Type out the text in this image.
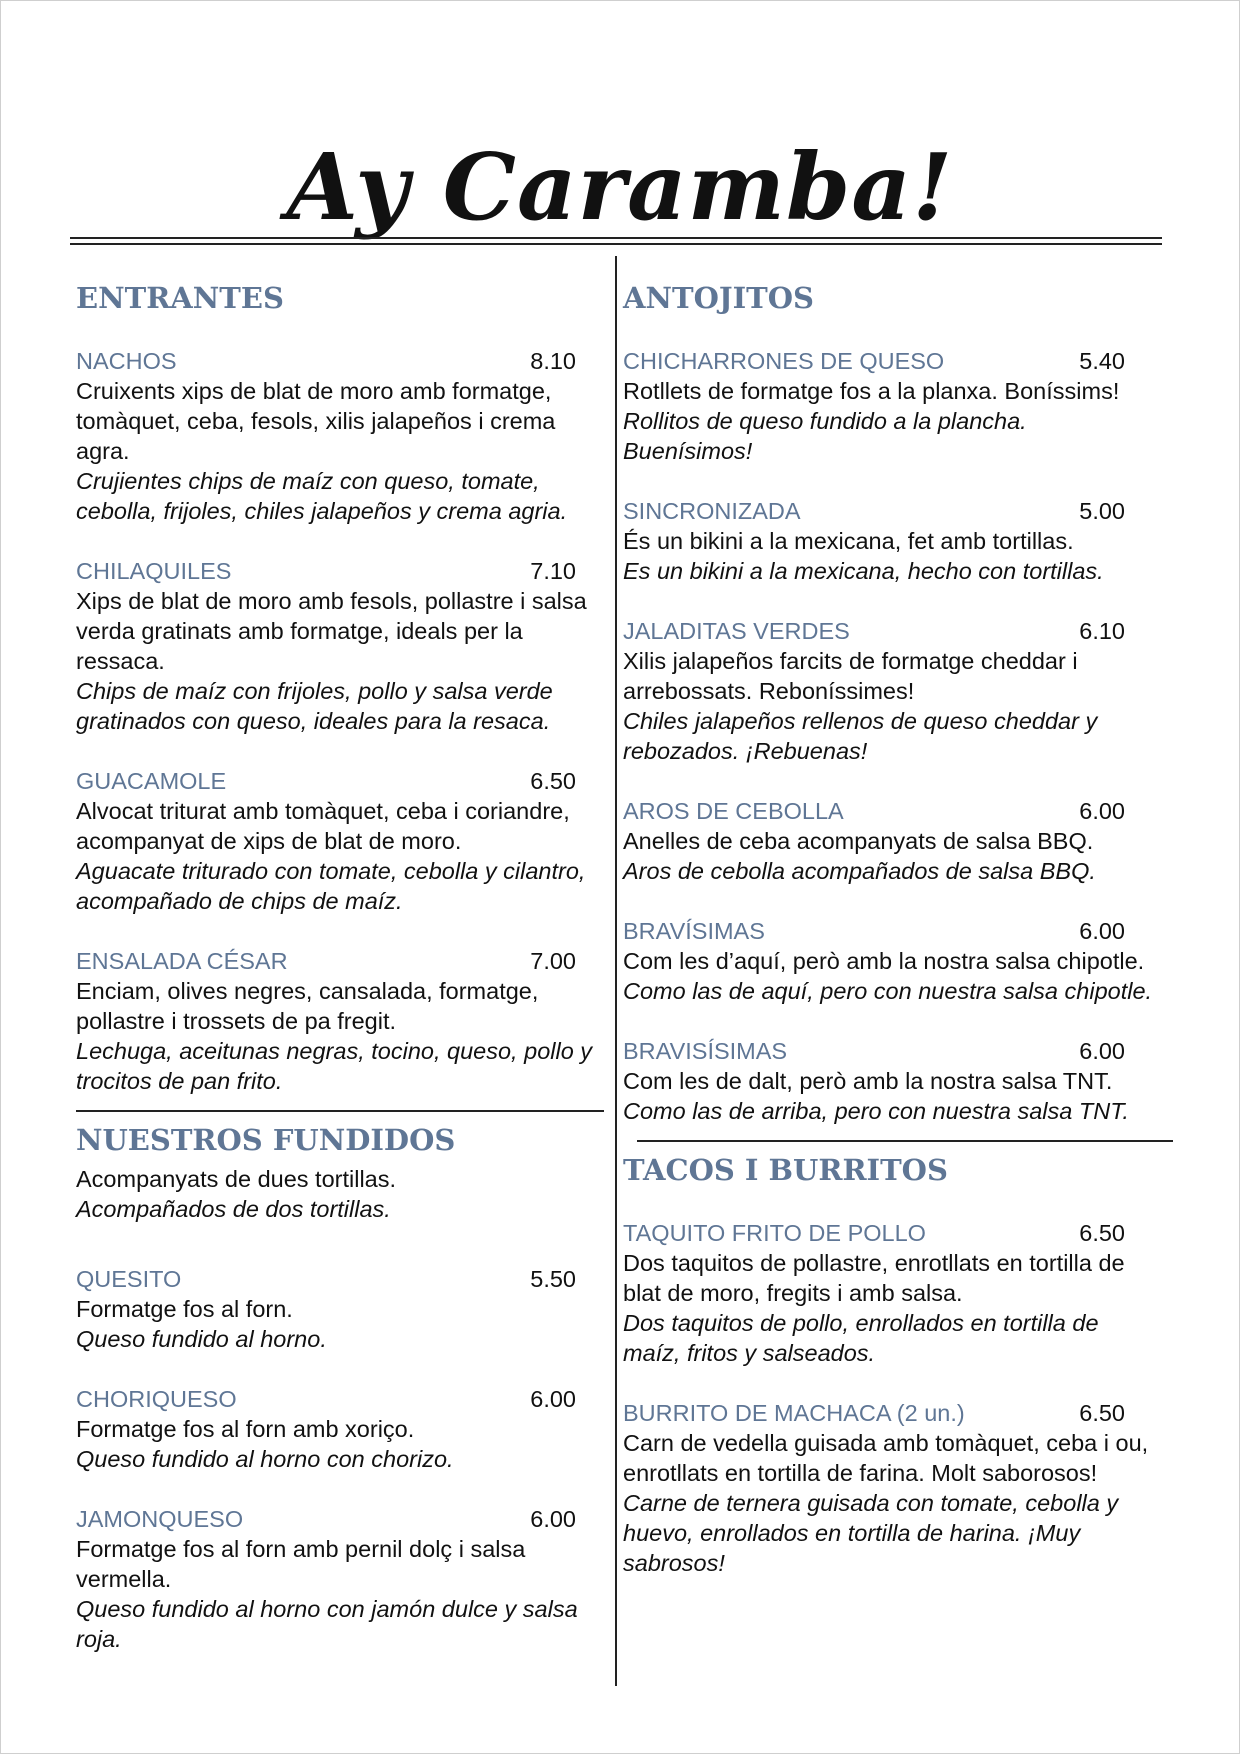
Ay Caramba!
ENTRANTES
NACHOS	8.10
Cruixents xips de blat de moro amb formatge, tomàquet, ceba, fesols, xilis jalapeños i crema agra.
Crujientes chips de maíz con queso, tomate, cebolla, frijoles, chiles jalapeños y crema agria.
CHILAQUILES	7.10
Xips de blat de moro amb fesols, pollastre i salsa verda gratinats amb formatge, ideals per la ressaca.
Chips de maíz con frijoles, pollo y salsa verde gratinados con queso, ideales para la resaca.
GUACAMOLE	6.50
Alvocat triturat amb tomàquet, ceba i coriandre, acompanyat de xips de blat de moro.
Aguacate triturado con tomate, cebolla y cilantro, acompañado de chips de maíz.
ENSALADA CÉSAR	7.00
Enciam, olives negres, cansalada, formatge, pollastre i trossets de pa fregit.
Lechuga, aceitunas negras, tocino, queso, pollo y trocitos de pan frito.
NUESTROS FUNDIDOS
Acompanyats de dues tortillas.
Acompañados de dos tortillas.
QUESITO	5.50
Formatge fos al forn.
Queso fundido al horno.
CHORIQUESO	6.00
Formatge fos al forn amb xoriço.
Queso fundido al horno con chorizo.
JAMONQUESO	6.00
Formatge fos al forn amb pernil dolç i salsa vermella.
Queso fundido al horno con jamón dulce y salsa roja.
ANTOJITOS
CHICHARRONES DE QUESO	5.40
Rotllets de formatge fos a la planxa. Boníssims!
Rollitos de queso fundido a la plancha. Buenísimos!
SINCRONIZADA	5.00
És un bikini a la mexicana, fet amb tortillas.
Es un bikini a la mexicana, hecho con tortillas.
JALADITAS VERDES	6.10
Xilis jalapeños farcits de formatge cheddar i arrebossats. Reboníssimes!
Chiles jalapeños rellenos de queso cheddar y rebozados. ¡Rebuenas!
AROS DE CEBOLLA	6.00
Anelles de ceba acompanyats de salsa BBQ.
Aros de cebolla acompañados de salsa BBQ.
BRAVÍSIMAS	6.00
Com les d’aquí, però amb la nostra salsa chipotle.
Como las de aquí, pero con nuestra salsa chipotle.
BRAVISÍSIMAS	6.00
Com les de dalt, però amb la nostra salsa TNT.
Como las de arriba, pero con nuestra salsa TNT.
TACOS I BURRITOS
TAQUITO FRITO DE POLLO	6.50
Dos taquitos de pollastre, enrotllats en tortilla de blat de moro, fregits i amb salsa.
Dos taquitos de pollo, enrollados en tortilla de maíz, fritos y salseados.
BURRITO DE MACHACA (2 un.)	6.50
Carn de vedella guisada amb tomàquet, ceba i ou, enrotllats en tortilla de farina. Molt saborosos!
Carne de ternera guisada con tomate, cebolla y huevo, enrollados en tortilla de harina. ¡Muy sabrosos!
